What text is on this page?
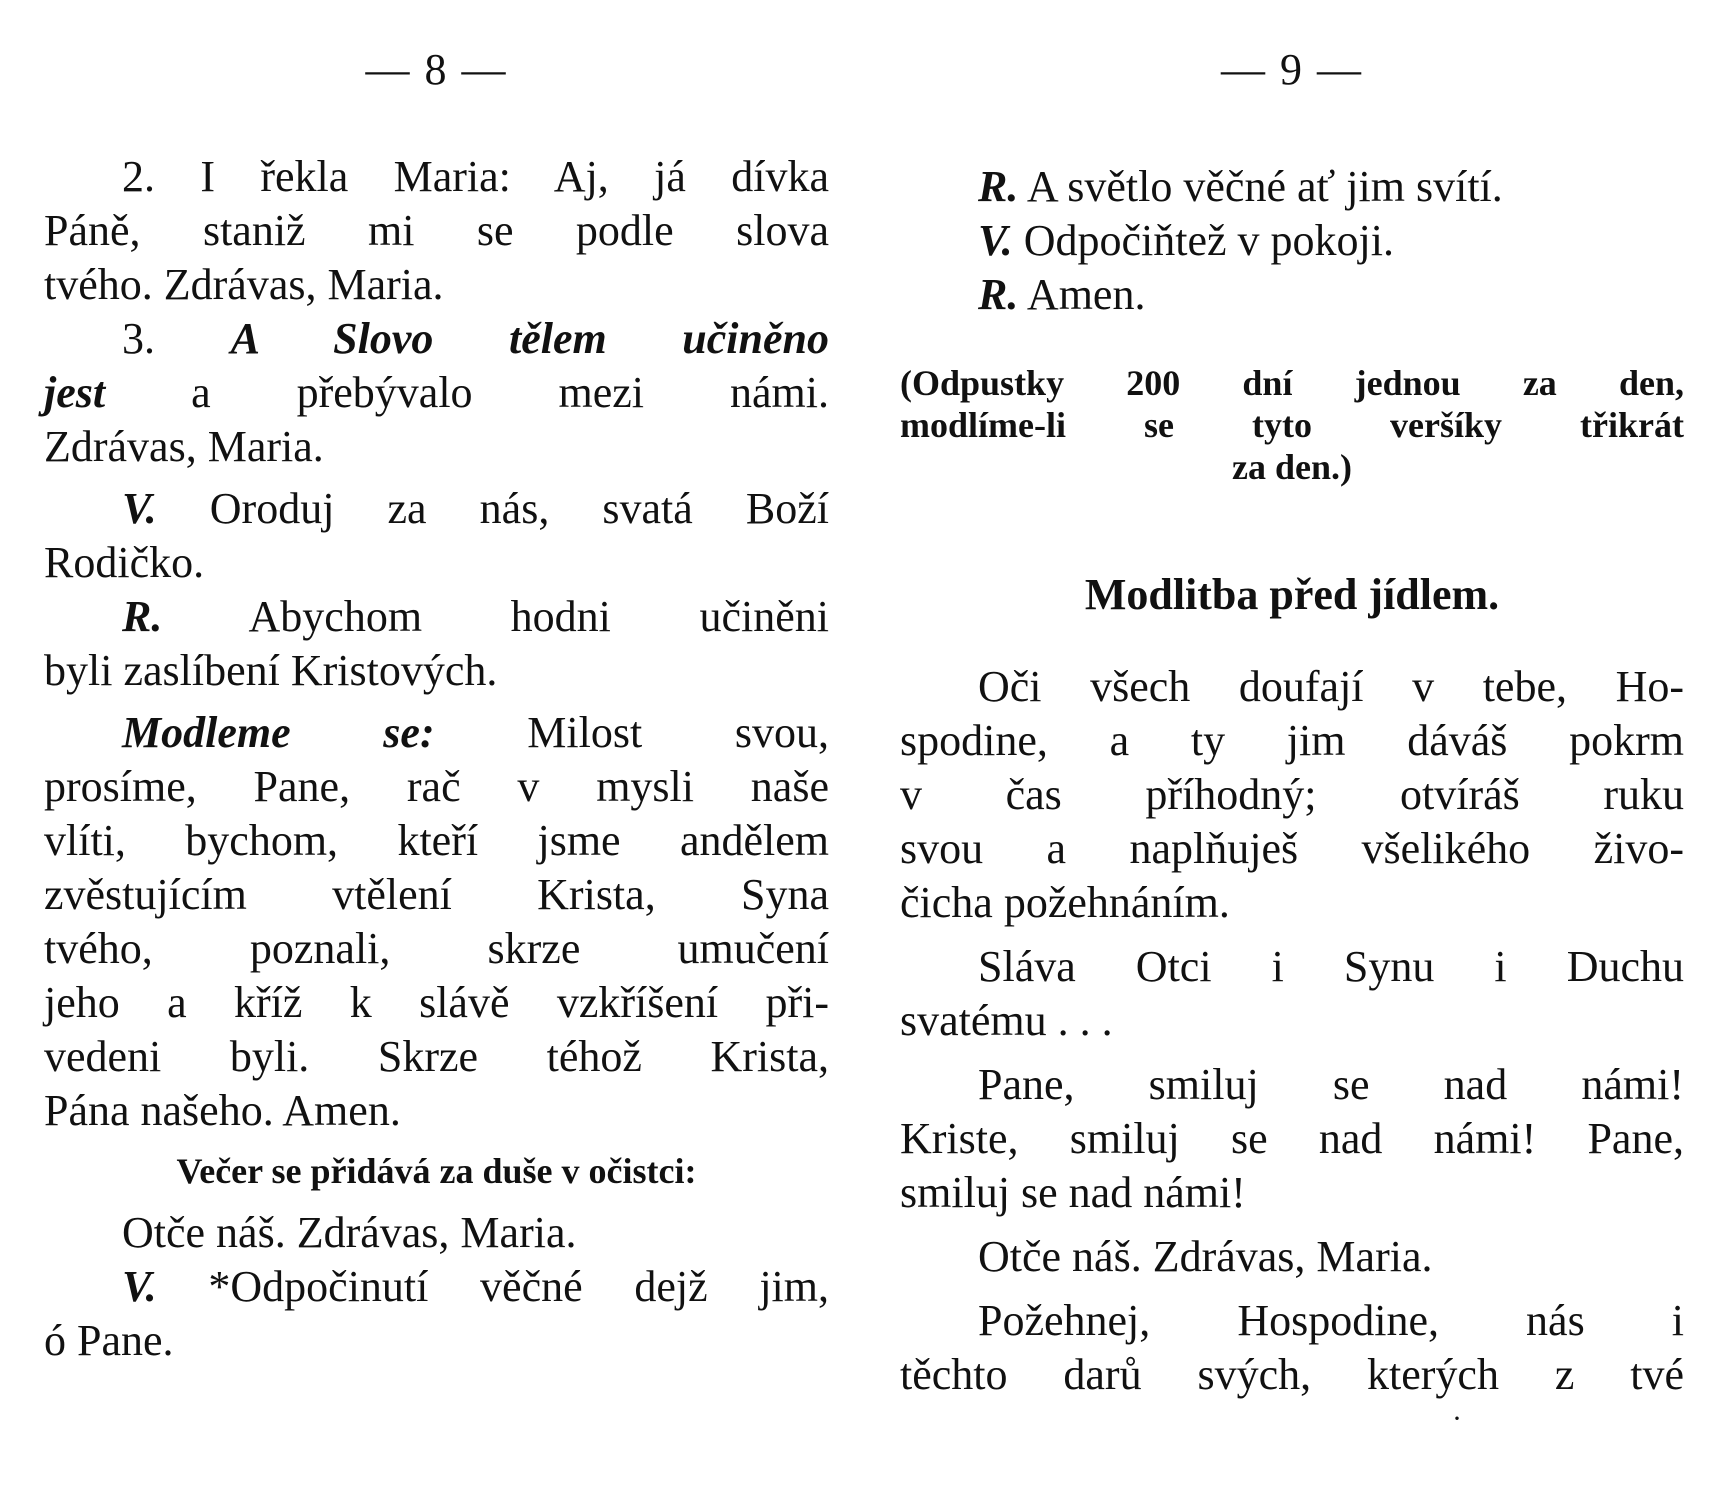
— 8 —
2. I řekla Maria: Aj, já dívka
Páně, staniž mi se podle slova
tvého. Zdrávas, Maria.
3. A Slovo tělem učiněno
jest a přebývalo mezi námi.
Zdrávas, Maria.
V. Oroduj za nás, svatá Boží
Rodičko.
R. Abychom hodni učiněni
byli zaslíbení Kristových.
Modleme se: Milost svou,
prosíme, Pane, rač v mysli naše
vlíti, bychom, kteří jsme andělem
zvěstujícím vtělení Krista, Syna
tvého, poznali, skrze umučení
jeho a kříž k slávě vzkříšení při-
vedeni byli. Skrze téhož Krista,
Pána našeho. Amen.
Večer se přidává za duše v očistci:
Otče náš. Zdrávas, Maria.
V. *Odpočinutí věčné dejž jim,
ó Pane.
— 9 —
R. A světlo věčné ať jim svítí.
V. Odpočiňtež v pokoji.
R. Amen.
(Odpustky 200 dní jednou za den,
modlíme-li se tyto veršíky třikrát
za den.)
Modlitba před jídlem.
Oči všech doufají v tebe, Ho-
spodine, a ty jim dáváš pokrm
v čas příhodný; otvíráš ruku
svou a naplňuješ všelikého živo-
čicha požehnáním.
Sláva Otci i Synu i Duchu
svatému . . .
Pane, smiluj se nad námi!
Kriste, smiluj se nad námi! Pane,
smiluj se nad námi!
Otče náš. Zdrávas, Maria.
Požehnej, Hospodine, nás i
těchto darů svých, kterých z tvé
·
